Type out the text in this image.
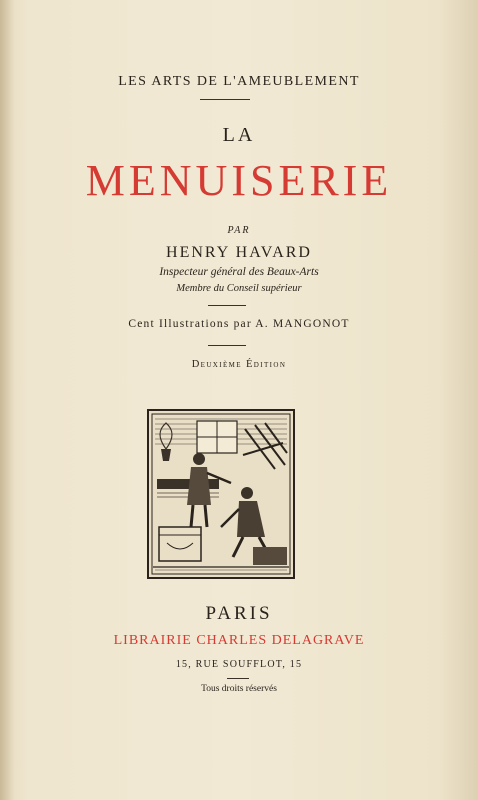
LES ARTS DE L'AMEUBLEMENT
LA
MENUISERIE
PAR
HENRY HAVARD
Inspecteur général des Beaux-Arts
Membre du Conseil supérieur
Cent Illustrations par A. MANGONOT
Deuxième Édition
PARIS
LIBRAIRIE CHARLES DELAGRAVE
15, RUE SOUFFLOT, 15
Tous droits réservés
